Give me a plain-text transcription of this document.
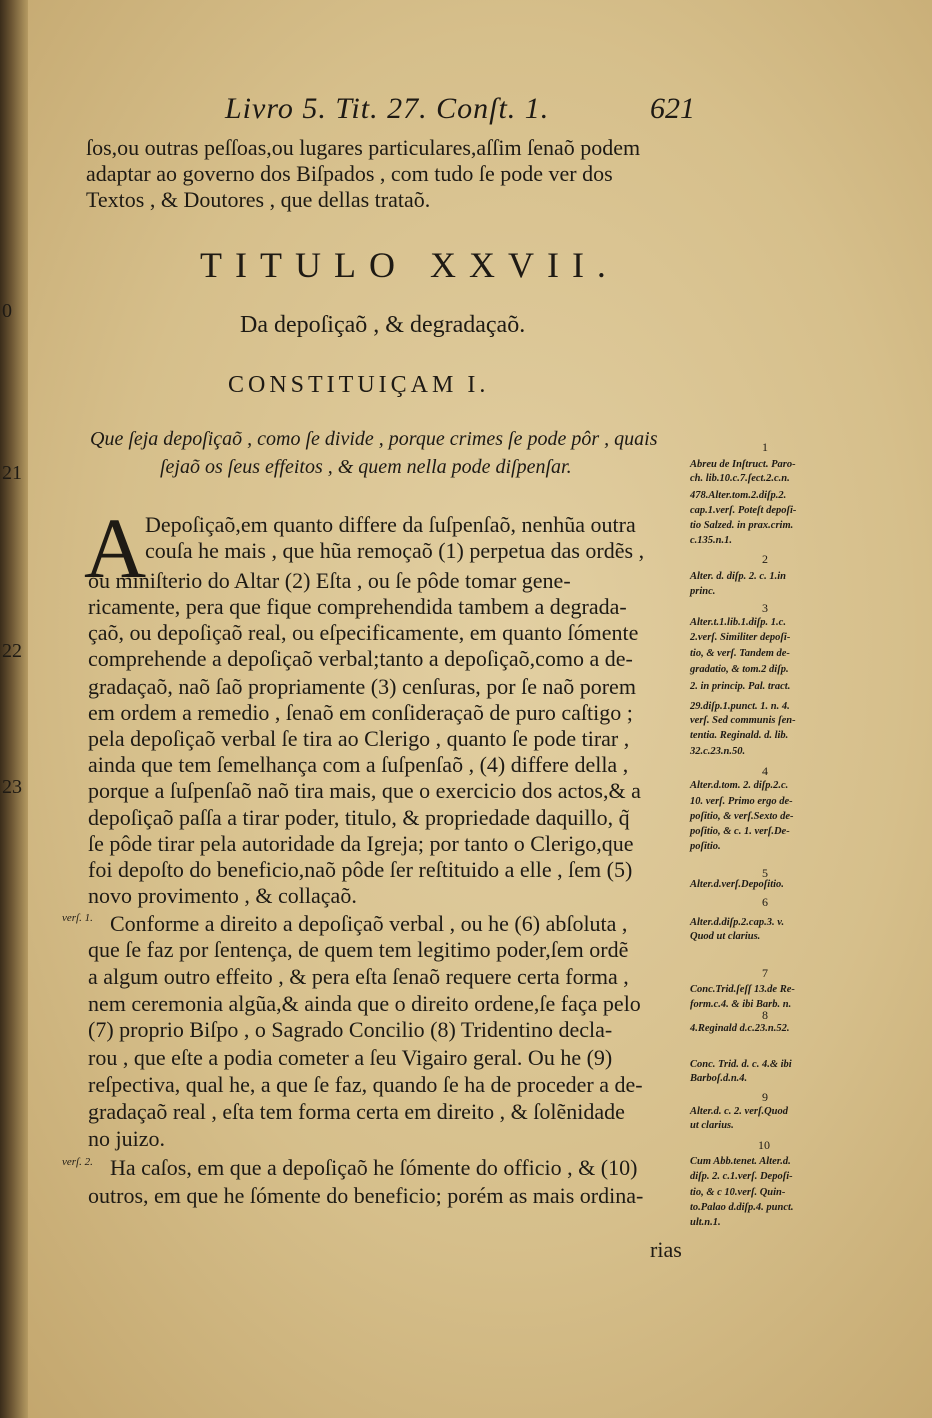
0
21
22
23
Livro 5. Tit. 27. Conſt. 1.	621
ſos,ou outras peſſoas,ou lugares particulares,aſſim ſenaõ podem
adaptar ao governo dos Biſpados , com tudo ſe pode ver dos
Textos , & Doutores , que dellas trataõ.
TITULO XXVII.
Da depoſiçaõ , & degradaçaõ.
CONSTITUIÇAM I.
Que ſeja depoſiçaõ , como ſe divide , porque crimes ſe pode pôr , quais
ſejaõ os ſeus effeitos , & quem nella pode diſpenſar.
A
Depoſiçaõ,em quanto differe da ſuſpenſaõ, nenhũa outra
couſa he mais , que hũa remoçaõ (1) perpetua das ordẽs ,
ou miniſterio do Altar (2) Eſta , ou ſe pôde tomar gene-
ricamente, pera que fique comprehendida tambem a degrada-
çaõ, ou depoſiçaõ real, ou eſpecificamente, em quanto ſómente
comprehende a depoſiçaõ verbal;tanto a depoſiçaõ,como a de-
gradaçaõ, naõ ſaõ propriamente (3) cenſuras, por ſe naõ porem
em ordem a remedio , ſenaõ em conſideraçaõ de puro caſtigo ;
pela depoſiçaõ verbal ſe tira ao Clerigo , quanto ſe pode tirar ,
ainda que tem ſemelhança com a ſuſpenſaõ , (4) differe della ,
porque a ſuſpenſaõ naõ tira mais, que o exercicio dos actos,& a
depoſiçaõ paſſa a tirar poder, titulo, & propriedade daquillo, q̃
ſe pôde tirar pela autoridade da Igreja; por tanto o Clerigo,que
foi depoſto do beneficio,naõ pôde ſer reſtituido a elle , ſem (5)
novo provimento , & collaçaõ.
Conforme a direito a depoſiçaõ verbal , ou he (6) abſoluta ,
que ſe faz por ſentença, de quem tem legitimo poder,ſem ordẽ
a algum outro effeito , & pera eſta ſenaõ requere certa forma ,
nem ceremonia algũa,& ainda que o direito ordene,ſe faça pelo
(7) proprio Biſpo , o Sagrado Concilio (8) Tridentino decla-
rou , que eſte a podia cometer a ſeu Vigairo geral. Ou he (9)
reſpectiva, qual he, a que ſe faz, quando ſe ha de proceder a de-
gradaçaõ real , eſta tem forma certa em direito , & ſolẽnidade
no juizo.
Ha caſos, em que a depoſiçaõ he ſómente do officio , & (10)
outros, em que he ſómente do beneficio; porém as mais ordina-
verſ. 1.
verſ. 2.
rias
Abreu de Inſtruct. Paro-
ch. lib.10.c.7.ſect.2.c.n.
478.Alter.tom.2.diſp.2.
cap.1.verſ. Poteſt depoſi-
tio Salzed. in prax.crim.
c.135.n.1.
Alter. d. diſp. 2. c. 1.in
princ.
Alter.t.1.lib.1.diſp. 1.c.
2.verſ. Similiter depoſi-
tio, & verſ. Tandem de-
gradatio, & tom.2 diſp.
2. in princip. Pal. tract.
29.diſp.1.punct. 1. n. 4.
verſ. Sed communis ſen-
tentia. Reginald. d. lib.
32.c.23.n.50.
Alter.d.tom. 2. diſp.2.c.
10. verſ. Primo ergo de-
poſitio, & verſ.Sexto de-
poſitio, & c. 1. verſ.De-
poſitio.
Alter.d.verſ.Depoſitio.
Alter.d.diſp.2.cap.3. v.
Quod ut clarius.
Conc.Trid.ſeſſ 13.de Re-
form.c.4. & ibi Barb. n.
4.Reginald d.c.23.n.52.
Conc. Trid. d. c. 4.& ibi
Barboſ.d.n.4.
Alter.d. c. 2. verſ.Quod
ut clarius.
Cum Abb.tenet. Alter.d.
diſp. 2. c.1.verſ. Depoſi-
tio, & c 10.verſ. Quin-
to.Palao d.diſp.4. punct.
ult.n.1.
1
2
3
4
5
6
7
8
9
10
